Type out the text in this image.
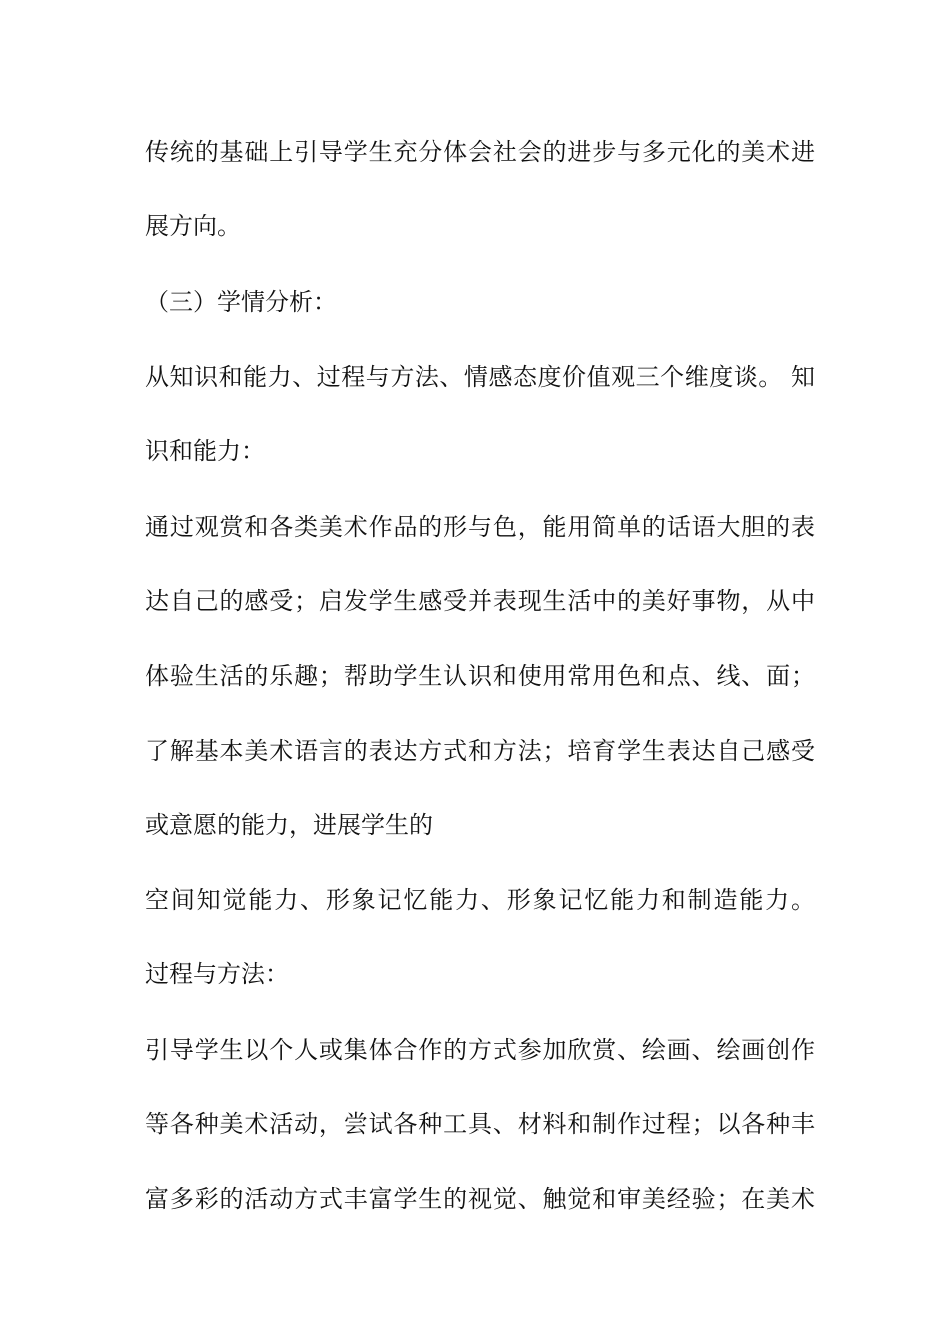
传统的基础上引导学生充分体会社会的进步与多元化的美术进
展方向。
（三）学情分析：
从知识和能力、过程与方法、情感态度价值观三个维度谈。 知
识和能力：
通过观赏和各类美术作品的形与色，能用简单的话语大胆的表
达自己的感受；启发学生感受并表现生活中的美好事物，从中
体验生活的乐趣；帮助学生认识和使用常用色和点、线、面；
了解基本美术语言的表达方式和方法；培育学生表达自己感受
或意愿的能力，进展学生的
空间知觉能力、形象记忆能力、形象记忆能力和制造能力。
过程与方法：
引导学生以个人或集体合作的方式参加欣赏、绘画、绘画创作
等各种美术活动，尝试各种工具、材料和制作过程；以各种丰
富多彩的活动方式丰富学生的视觉、触觉和审美经验；在美术
